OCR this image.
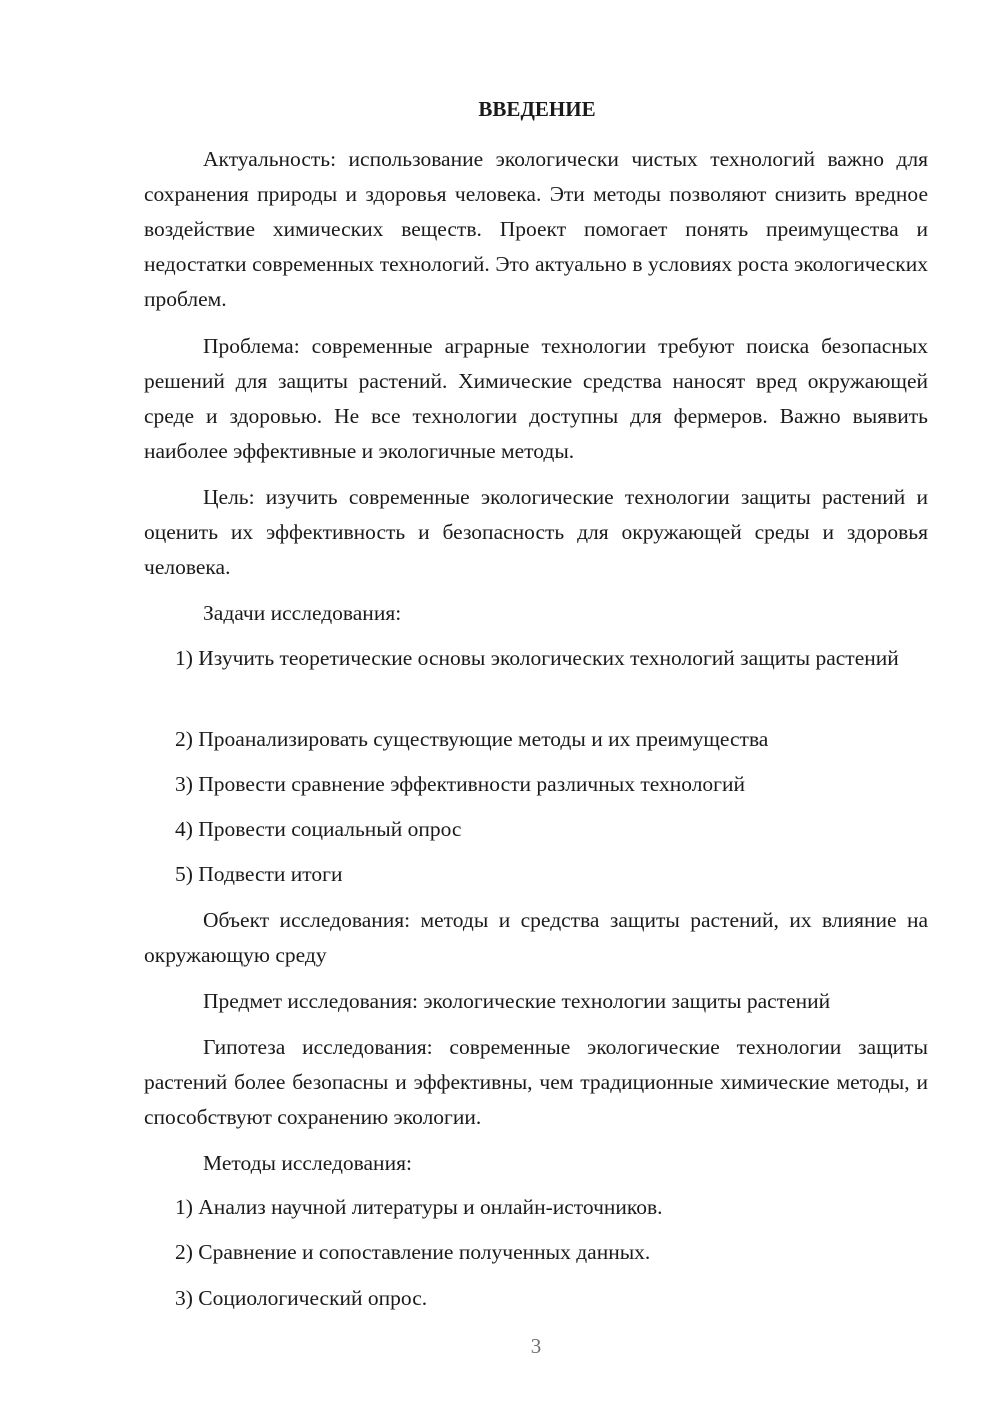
ВВЕДЕНИЕ

Актуальность: использование экологически чистых технологий важно для сохранения природы и здоровья человека. Эти методы позволяют снизить вредное воздействие химических веществ. Проект помогает понять преимущества и недостатки современных технологий. Это актуально в условиях роста экологических проблем.

Проблема: современные аграрные технологии требуют поиска безопасных решений для защиты растений. Химические средства наносят вред окружающей среде и здоровью. Не все технологии доступны для фермеров. Важно выявить наиболее эффективные и экологичные методы.

Цель: изучить современные экологические технологии защиты растений и оценить их эффективность и безопасность для окружающей среды и здоровья человека.

Задачи исследования:

1) Изучить теоретические основы экологических технологий защиты растений

2) Проанализировать существующие методы и их преимущества

3) Провести сравнение эффективности различных технологий

4) Провести социальный опрос

5) Подвести итоги

Объект исследования: методы и средства защиты растений, их влияние на окружающую среду

Предмет исследования: экологические технологии защиты растений

Гипотеза исследования: современные экологические технологии защиты растений более безопасны и эффективны, чем традиционные химические методы, и способствуют сохранению экологии.

Методы исследования:

1) Анализ научной литературы и онлайн-источников.

2) Сравнение и сопоставление полученных данных.

3) Социологический опрос.

3
